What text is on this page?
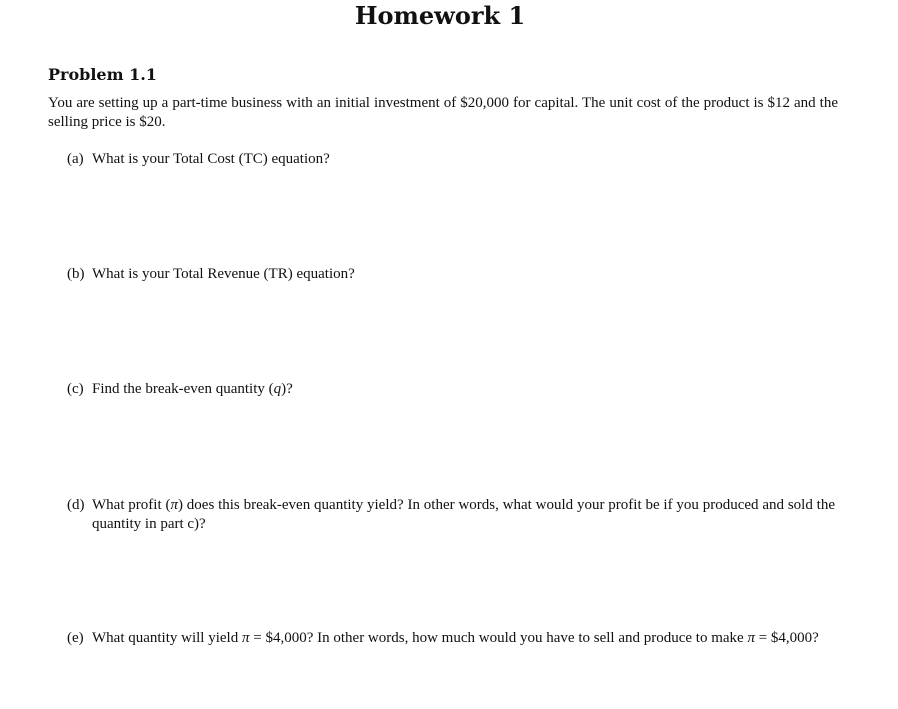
Homework 1
Problem 1.1

You are setting up a part-time business with an initial investment of $20,000 for capital. The unit cost of the product is $12 and the selling price is $20.

(a) What is your Total Cost (TC) equation?
(b) What is your Total Revenue (TR) equation?
(c) Find the break-even quantity (q)?
(d) What profit (π) does this break-even quantity yield? In other words, what would your profit be if you produced and sold the quantity in part c)?
(e) What quantity will yield π = $4,000? In other words, how much would you have to sell and produce to make π = $4,000?
